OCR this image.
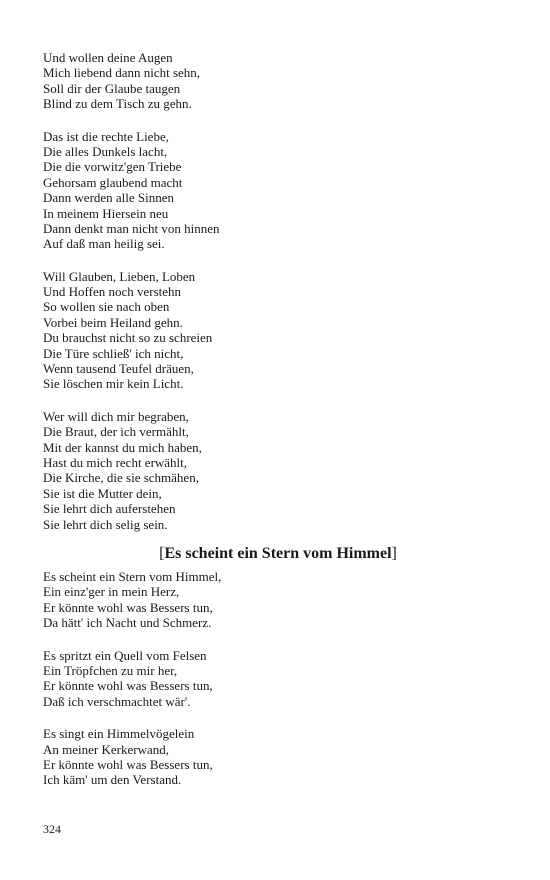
Und wollen deine Augen
Mich liebend dann nicht sehn,
Soll dir der Glaube taugen
Blind zu dem Tisch zu gehn.
Das ist die rechte Liebe,
Die alles Dunkels lacht,
Die die vorwitz'gen Triebe
Gehorsam glaubend macht
Dann werden alle Sinnen
In meinem Hiersein neu
Dann denkt man nicht von hinnen
Auf daß man heilig sei.
Will Glauben, Lieben, Loben
Und Hoffen noch verstehn
So wollen sie nach oben
Vorbei beim Heiland gehn.
Du brauchst nicht so zu schreien
Die Türe schließ' ich nicht,
Wenn tausend Teufel dräuen,
Sie löschen mir kein Licht.
Wer will dich mir begraben,
Die Braut, der ich vermählt,
Mit der kannst du mich haben,
Hast du mich recht erwählt,
Die Kirche, die sie schmähen,
Sie ist die Mutter dein,
Sie lehrt dich auferstehen
Sie lehrt dich selig sein.
[Es scheint ein Stern vom Himmel]
Es scheint ein Stern vom Himmel,
Ein einz'ger in mein Herz,
Er könnte wohl was Bessers tun,
Da hätt' ich Nacht und Schmerz.
Es spritzt ein Quell vom Felsen
Ein Tröpfchen zu mir her,
Er könnte wohl was Bessers tun,
Daß ich verschmachtet wär'.
Es singt ein Himmelvögelein
An meiner Kerkerwand,
Er könnte wohl was Bessers tun,
Ich käm' um den Verstand.
324
